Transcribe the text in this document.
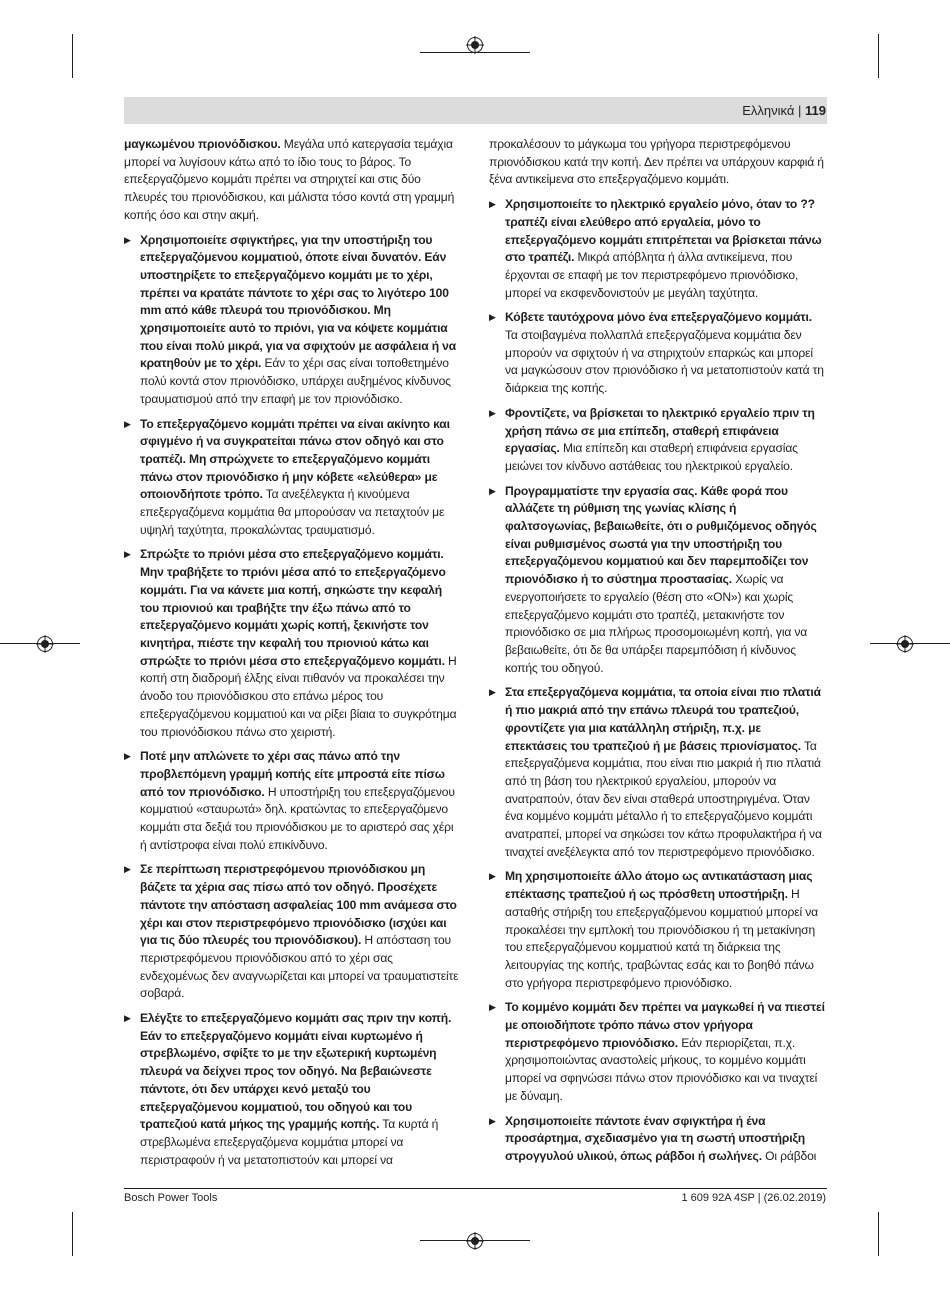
Ελληνικά | 119

μαγκωμένου πριονόδισκου. Μεγάλα υπό κατεργασία τεμάχια μπορεί να λυγίσουν κάτω από το ίδιο τους το βάρος. Το επεξεργαζόμενο κομμάτι πρέπει να στηριχτεί και στις δύο πλευρές του πριονόδισκου, και μάλιστα τόσο κοντά στη γραμμή κοπής όσο και στην ακμή.

▶ Χρησιμοποιείτε σφιγκτήρες, για την υποστήριξη του επεξεργαζόμενου κομματιού, όποτε είναι δυνατόν. Εάν υποστηρίξετε το επεξεργαζόμενο κομμάτι με το χέρι, πρέπει να κρατάτε πάντοτε το χέρι σας το λιγότερο 100 mm από κάθε πλευρά του πριονόδισκου. Μη χρησιμοποιείτε αυτό το πριόνι, για να κόψετε κομμάτια που είναι πολύ μικρά, για να σφιχτούν με ασφάλεια ή να κρατηθούν με το χέρι. Εάν το χέρι σας είναι τοποθετημένο πολύ κοντά στον πριονόδισκο, υπάρχει αυξημένος κίνδυνος τραυματισμού από την επαφή με τον πριονόδισκο.
▶ Το επεξεργαζόμενο κομμάτι πρέπει να είναι ακίνητο και σφιγμένο ή να συγκρατείται πάνω στον οδηγό και στο τραπέζι. Μη σπρώχνετε το επεξεργαζόμενο κομμάτι πάνω στον πριονόδισκο ή μην κόβετε «ελεύθερα» με οποιονδήποτε τρόπο. Τα ανεξέλεγκτα ή κινούμενα επεξεργαζόμενα κομμάτια θα μπορούσαν να πεταχτούν με υψηλή ταχύτητα, προκαλώντας τραυματισμό.
▶ Σπρώξτε το πριόνι μέσα στο επεξεργαζόμενο κομμάτι. Μην τραβήξετε το πριόνι μέσα από το επεξεργαζόμενο κομμάτι. Για να κάνετε μια κοπή, σηκώστε την κεφαλή του πριονιού και τραβήξτε την έξω πάνω από το επεξεργαζόμενο κομμάτι χωρίς κοπή, ξεκινήστε τον κινητήρα, πιέστε την κεφαλή του πριονιού κάτω και σπρώξτε το πριόνι μέσα στο επεξεργαζόμενο κομμάτι. Η κοπή στη διαδρομή έλξης είναι πιθανόν να προκαλέσει την άνοδο του πριονόδισκου στο επάνω μέρος του επεξεργαζόμενου κομματιού και να ρίξει βίαια το συγκρότημα του πριονόδισκου πάνω στο χειριστή.
▶ Ποτέ μην απλώνετε το χέρι σας πάνω από την προβλεπόμενη γραμμή κοπής είτε μπροστά είτε πίσω από τον πριονόδισκο. Η υποστήριξη του επεξεργαζόμενου κομματιού «σταυρωτά» δηλ. κρατώντας το επεξεργαζόμενο κομμάτι στα δεξιά του πριονόδισκου με το αριστερό σας χέρι ή αντίστροφα είναι πολύ επικίνδυνο.
▶ Σε περίπτωση περιστρεφόμενου πριονόδισκου μη βάζετε τα χέρια σας πίσω από τον οδηγό. Προσέχετε πάντοτε την απόσταση ασφαλείας 100 mm ανάμεσα στο χέρι και στον περιστρεφόμενο πριονόδισκο (ισχύει και για τις δύο πλευρές του πριονόδισκου). Η απόσταση του περιστρεφόμενου πριονόδισκου από το χέρι σας ενδεχομένως δεν αναγνωρίζεται και μπορεί να τραυματιστείτε σοβαρά.
▶ Ελέγξτε το επεξεργαζόμενο κομμάτι σας πριν την κοπή. Εάν το επεξεργαζόμενο κομμάτι είναι κυρτωμένο ή στρεβλωμένο, σφίξτε το με την εξωτερική κυρτωμένη πλευρά να δείχνει προς τον οδηγό. Να βεβαιώνεστε πάντοτε, ότι δεν υπάρχει κενό μεταξύ του επεξεργαζόμενου κομματιού, του οδηγού και του τραπεζιού κατά μήκος της γραμμής κοπής. Τα κυρτά ή στρεβλωμένα επεξεργαζόμενα κομμάτια μπορεί να περιστραφούν ή να μετατοπιστούν και μπορεί να

προκαλέσουν το μάγκωμα του γρήγορα περιστρεφόμενου πριονόδισκου κατά την κοπή. Δεν πρέπει να υπάρχουν καρφιά ή ξένα αντικείμενα στο επεξεργαζόμενο κομμάτι.

▶ Χρησιμοποιείτε το ηλεκτρικό εργαλείο μόνο, όταν το ?? τραπέζι είναι ελεύθερο από εργαλεία, μόνο το επεξεργαζόμενο κομμάτι επιτρέπεται να βρίσκεται πάνω στο τραπέζι. Μικρά απόβλητα ή άλλα αντικείμενα, που έρχονται σε επαφή με τον περιστρεφόμενο πριονόδισκο, μπορεί να εκσφενδονιστούν με μεγάλη ταχύτητα.
▶ Κόβετε ταυτόχρονα μόνο ένα επεξεργαζόμενο κομμάτι. Τα στοιβαγμένα πολλαπλά επεξεργαζόμενα κομμάτια δεν μπορούν να σφιχτούν ή να στηριχτούν επαρκώς και μπορεί να μαγκώσουν στον πριονόδισκο ή να μετατοπιστούν κατά τη διάρκεια της κοπής.
▶ Φροντίζετε, να βρίσκεται το ηλεκτρικό εργαλείο πριν τη χρήση πάνω σε μια επίπεδη, σταθερή επιφάνεια εργασίας. Μια επίπεδη και σταθερή επιφάνεια εργασίας μειώνει τον κίνδυνο αστάθειας του ηλεκτρικού εργαλείο.
▶ Προγραμματίστε την εργασία σας. Κάθε φορά που αλλάζετε τη ρύθμιση της γωνίας κλίσης ή φαλτσογωνίας, βεβαιωθείτε, ότι ο ρυθμιζόμενος οδηγός είναι ρυθμισμένος σωστά για την υποστήριξη του επεξεργαζόμενου κομματιού και δεν παρεμποδίζει τον πριονόδισκο ή το σύστημα προστασίας. Χωρίς να ενεργοποιήσετε το εργαλείο (θέση στο «ON») και χωρίς επεξεργαζόμενο κομμάτι στο τραπέζι, μετακινήστε τον πριονόδισκο σε μια πλήρως προσομοιωμένη κοπή, για να βεβαιωθείτε, ότι δε θα υπάρξει παρεμπόδιση ή κίνδυνος κοπής του οδηγού.
▶ Στα επεξεργαζόμενα κομμάτια, τα οποία είναι πιο πλατιά ή πιο μακριά από την επάνω πλευρά του τραπεζιού, φροντίζετε για μια κατάλληλη στήριξη, π.χ. με επεκτάσεις του τραπεζιού ή με βάσεις πριονίσματος. Τα επεξεργαζόμενα κομμάτια, που είναι πιο μακριά ή πιο πλατιά από τη βάση του ηλεκτρικού εργαλείου, μπορούν να ανατραπούν, όταν δεν είναι σταθερά υποστηριγμένα. Όταν ένα κομμένο κομμάτι μέταλλο ή το επεξεργαζόμενο κομμάτι ανατραπεί, μπορεί να σηκώσει τον κάτω προφυλακτήρα ή να τιναχτεί ανεξέλεγκτα από τον περιστρεφόμενο πριονόδισκο.
▶ Μη χρησιμοποιείτε άλλο άτομο ως αντικατάσταση μιας επέκτασης τραπεζιού ή ως πρόσθετη υποστήριξη. Η ασταθής στήριξη του επεξεργαζόμενου κομματιού μπορεί να προκαλέσει την εμπλοκή του πριονόδισκου ή τη μετακίνηση του επεξεργαζόμενου κομματιού κατά τη διάρκεια της λειτουργίας της κοπής, τραβώντας εσάς και το βοηθό πάνω στο γρήγορα περιστρεφόμενο πριονόδισκο.
▶ Το κομμένο κομμάτι δεν πρέπει να μαγκωθεί ή να πιεστεί με οποιοδήποτε τρόπο πάνω στον γρήγορα περιστρεφόμενο πριονόδισκο. Εάν περιορίζεται, π.χ. χρησιμοποιώντας αναστολείς μήκους, το κομμένο κομμάτι μπορεί να σφηνώσει πάνω στον πριονόδισκο και να τιναχτεί με δύναμη.
▶ Χρησιμοποιείτε πάντοτε έναν σφιγκτήρα ή ένα προσάρτημα, σχεδιασμένο για τη σωστή υποστήριξη στρογγυλού υλικού, όπως ράβδοι ή σωλήνες. Οι ράβδοι
Bosch Power Tools	1 609 92A 4SP | (26.02.2019)
